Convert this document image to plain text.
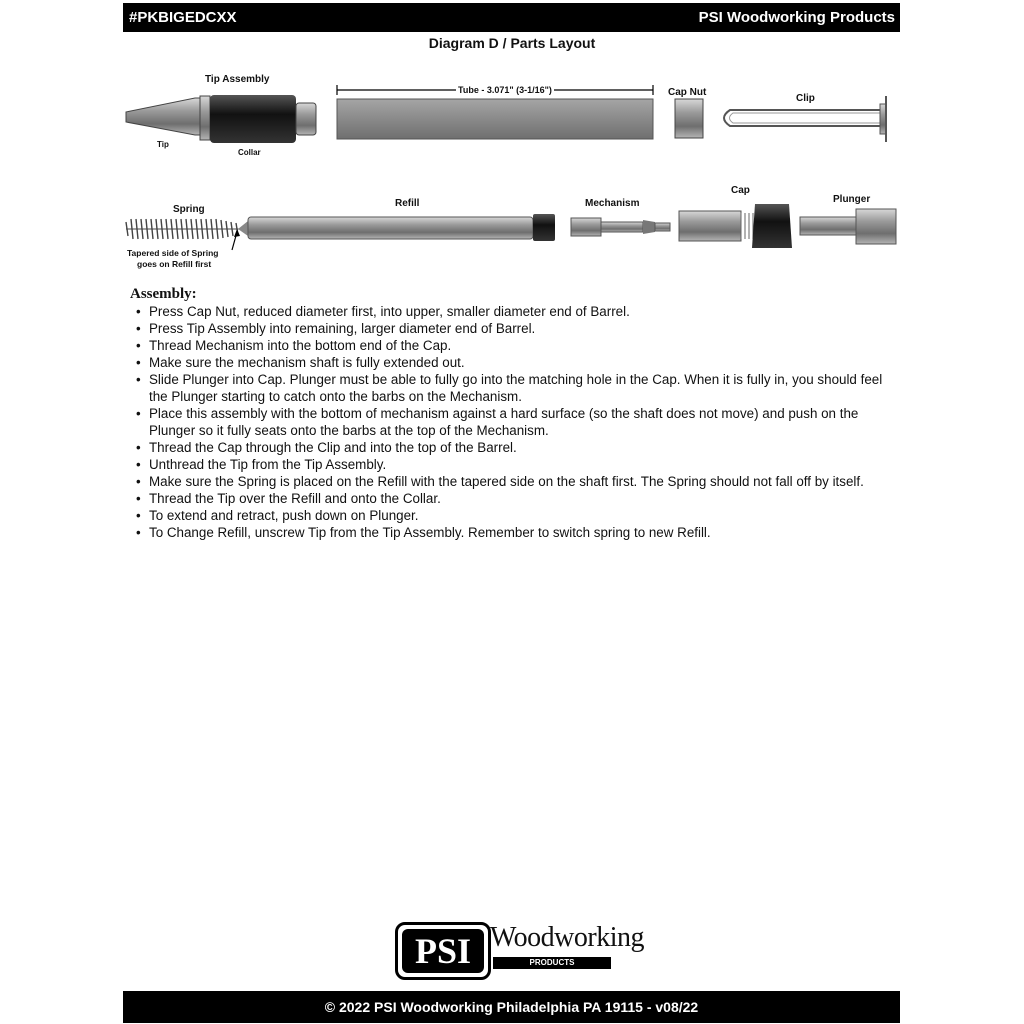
#PKBIGEDCXX	PSI Woodworking Products
Diagram D / Parts Layout
Tip Assembly
Tip
Collar
Tube - 3.071" (3-1/16")	Cap Nut
Clip
Spring
Refill	Mechanism
Cap
Plunger
Tapered side of Spring
goes on Refill first
Assembly:
• Press Cap Nut, reduced diameter first, into upper, smaller diameter end of Barrel.
• Press Tip Assembly into remaining, larger diameter end of Barrel.
• Thread Mechanism into the bottom end of the Cap.
• Make sure the mechanism shaft is fully extended out.
• Slide Plunger into Cap. Plunger must be able to fully go into the matching hole in the Cap. When it is fully in, you should feel the Plunger starting to catch onto the barbs on the Mechanism.
• Place this assembly with the bottom of mechanism against a hard surface (so the shaft does not move) and push on the Plunger so it fully seats onto the barbs at the top of the Mechanism.
• Thread the Cap through the Clip and into the top of the Barrel.
• Unthread the Tip from the Tip Assembly.
• Make sure the Spring is placed on the Refill with the tapered side on the shaft first. The Spring should not fall off by itself.
• Thread the Tip over the Refill and onto the Collar.
• To extend and retract, push down on Plunger.
• To Change Refill, unscrew Tip from the Tip Assembly. Remember to switch spring to new Refill.
PSI Woodworking
PRODUCTS
© 2022 PSI Woodworking Philadelphia PA 19115 - v08/22
